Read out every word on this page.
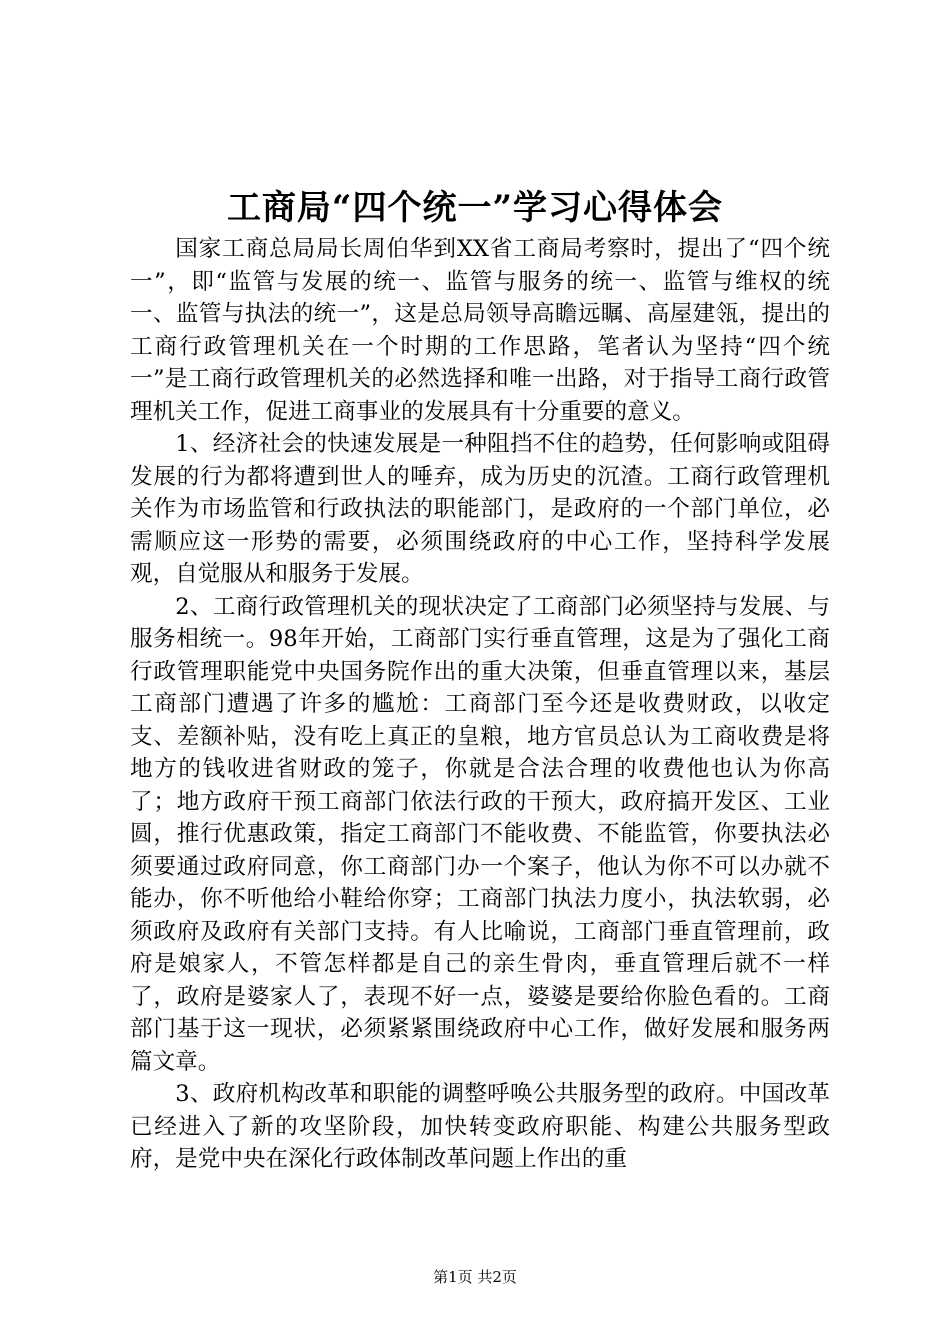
工商局“四个统一”学习心得体会

国家工商总局局长周伯华到XX省工商局考察时，提出了“四个统一”，即“监管与发展的统一、监管与服务的统一、监管与维权的统一、监管与执法的统一”，这是总局领导高瞻远瞩、高屋建瓴，提出的工商行政管理机关在一个时期的工作思路，笔者认为坚持“四个统一”是工商行政管理机关的必然选择和唯一出路，对于指导工商行政管理机关工作，促进工商事业的发展具有十分重要的意义。

1、经济社会的快速发展是一种阻挡不住的趋势，任何影响或阻碍发展的行为都将遭到世人的唾弃，成为历史的沉渣。工商行政管理机关作为市场监管和行政执法的职能部门，是政府的一个部门单位，必需顺应这一形势的需要，必须围绕政府的中心工作，坚持科学发展观，自觉服从和服务于发展。

2、工商行政管理机关的现状决定了工商部门必须坚持与发展、与服务相统一。98年开始，工商部门实行垂直管理，这是为了强化工商行政管理职能党中央国务院作出的重大决策，但垂直管理以来，基层工商部门遭遇了许多的尴尬：工商部门至今还是收费财政，以收定支、差额补贴，没有吃上真正的皇粮，地方官员总认为工商收费是将地方的钱收进省财政的笼子，你就是合法合理的收费他也认为你高了；地方政府干预工商部门依法行政的干预大，政府搞开发区、工业圆，推行优惠政策，指定工商部门不能收费、不能监管，你要执法必须要通过政府同意，你工商部门办一个案子，他认为你不可以办就不能办，你不听他给小鞋给你穿；工商部门执法力度小，执法软弱，必须政府及政府有关部门支持。有人比喻说，工商部门垂直管理前，政府是娘家人，不管怎样都是自己的亲生骨肉，垂直管理后就不一样了，政府是婆家人了，表现不好一点，婆婆是要给你脸色看的。工商部门基于这一现状，必须紧紧围绕政府中心工作，做好发展和服务两篇文章。

3、政府机构改革和职能的调整呼唤公共服务型的政府。中国改革已经进入了新的攻坚阶段，加快转变政府职能、构建公共服务型政府，是党中央在深化行政体制改革问题上作出的重

第1页 共2页
